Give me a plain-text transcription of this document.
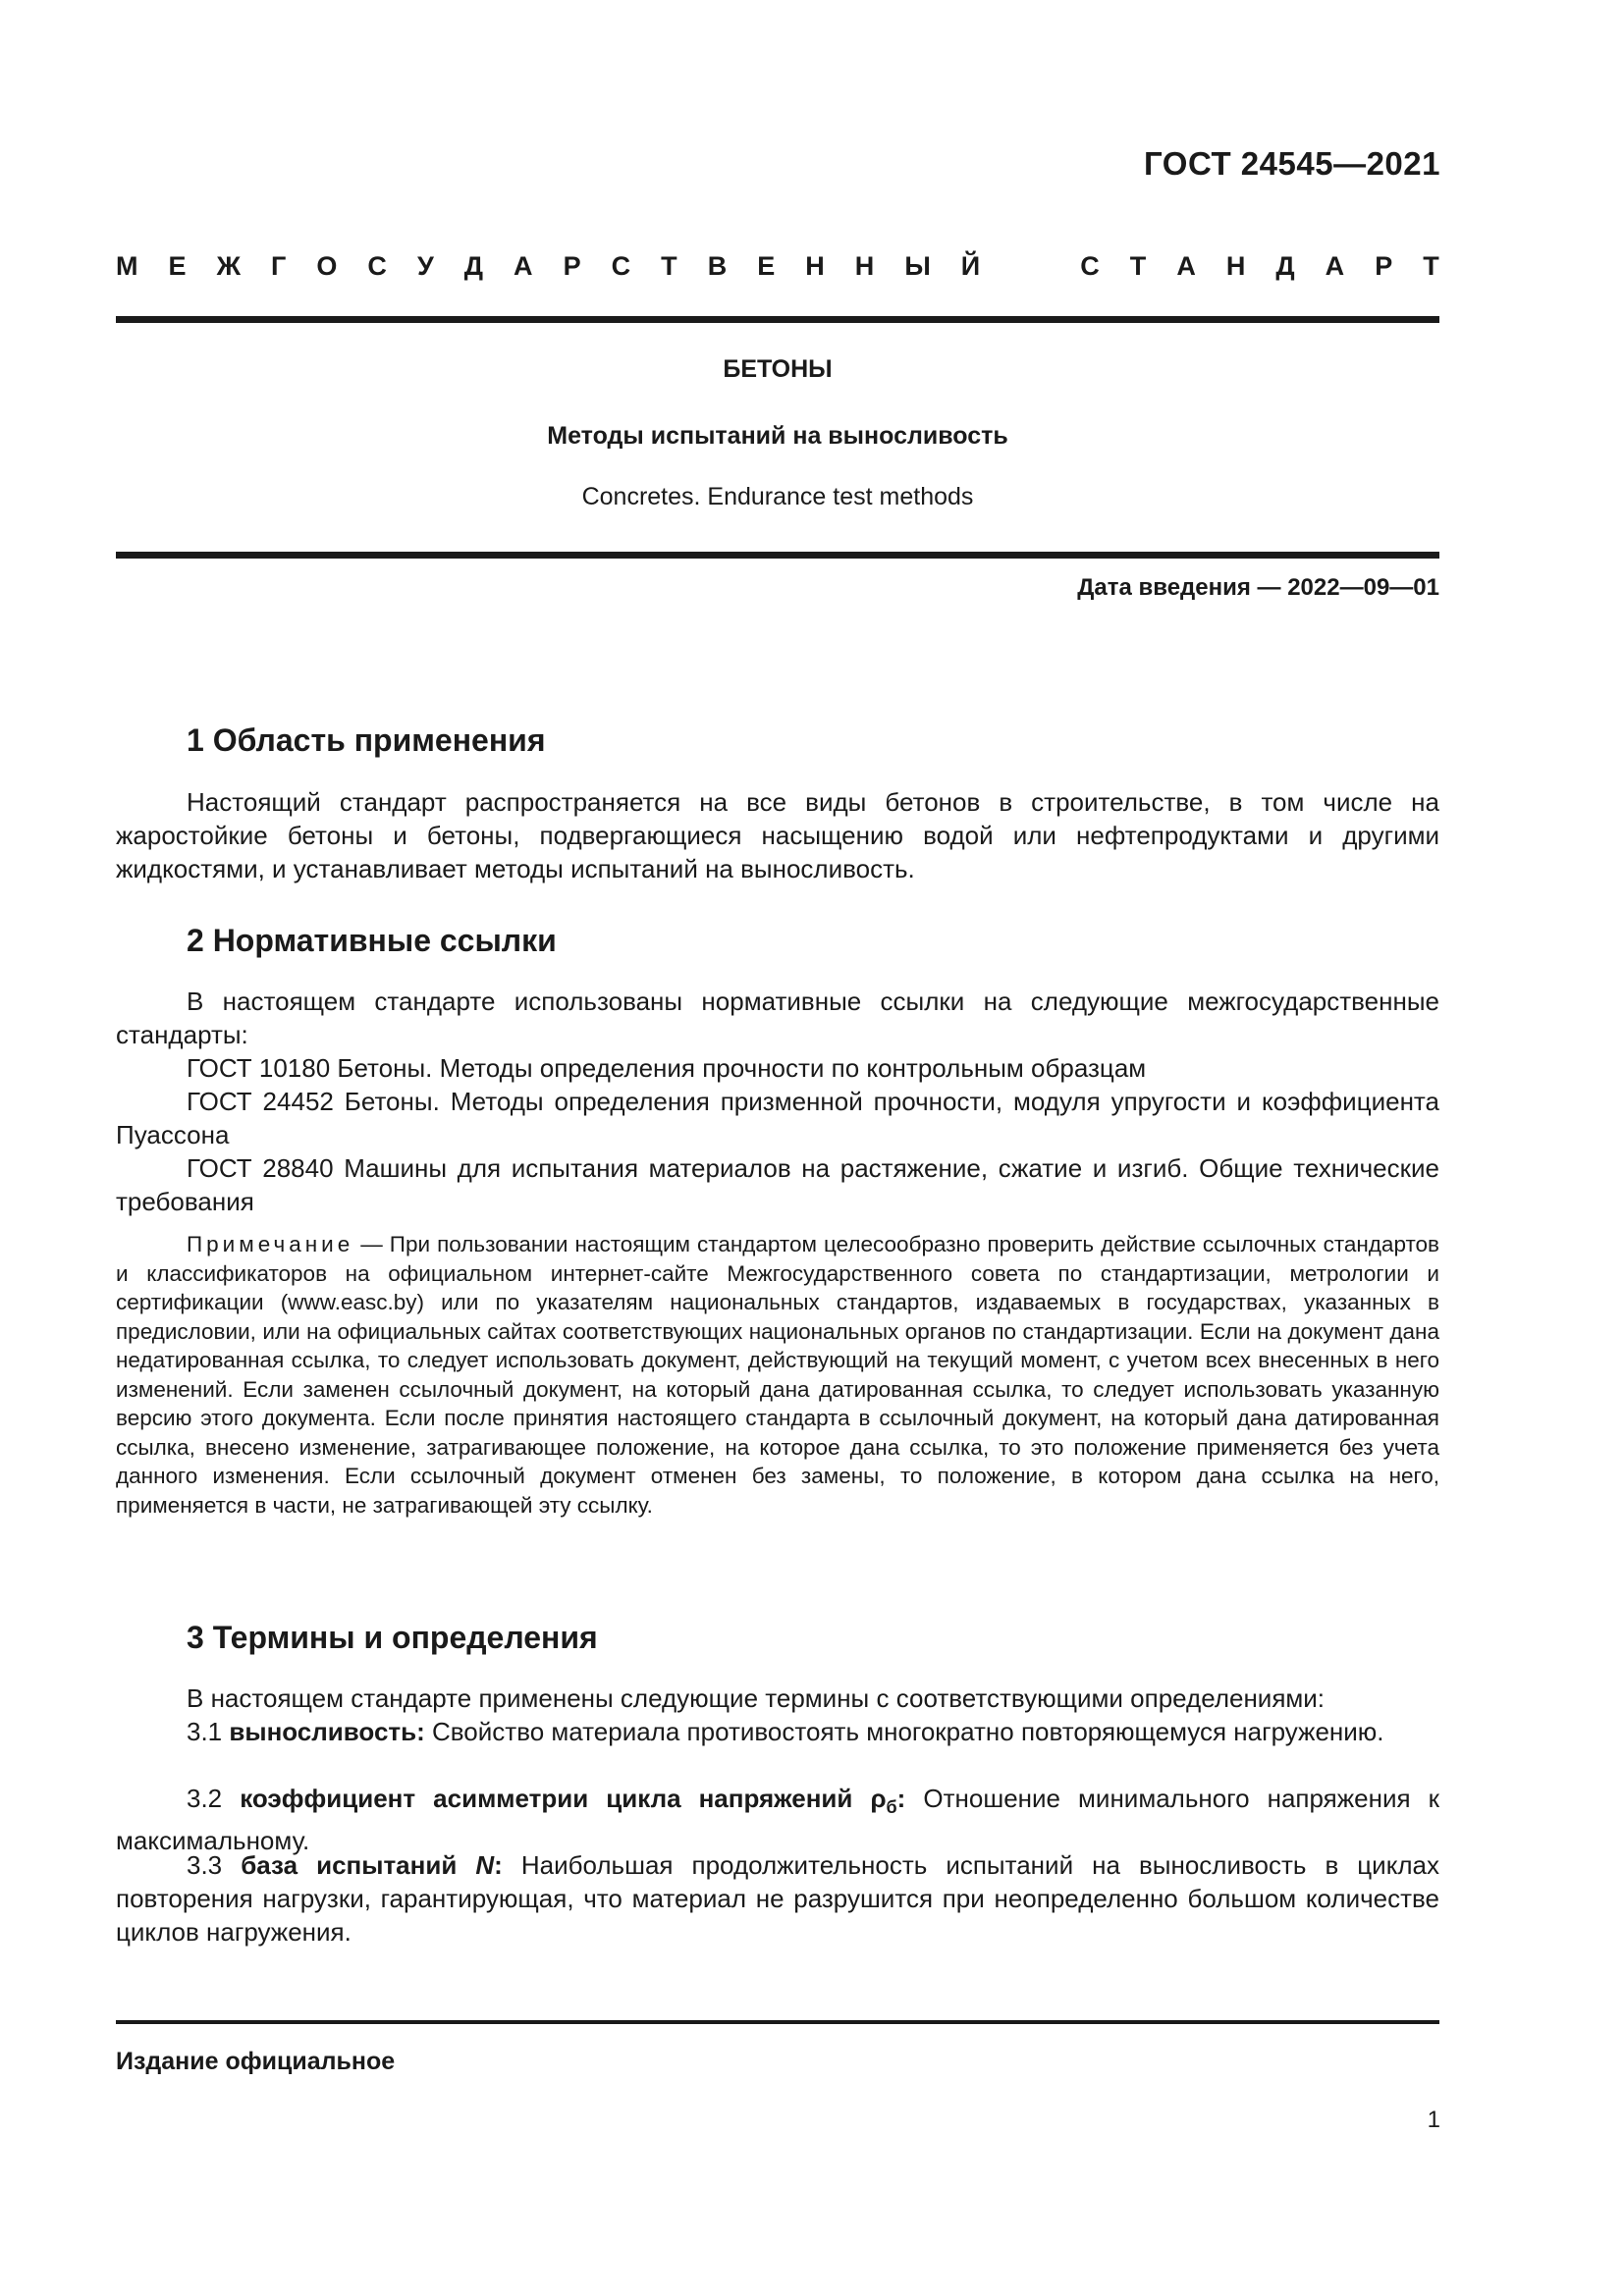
ГОСТ 24545—2021
М Е Ж Г О С У Д А Р С Т В Е Н Н Ы Й	С Т А Н Д А Р Т
БЕТОНЫ
Методы испытаний на выносливость
Concretes. Endurance test methods
Дата введения — 2022—09—01
1 Область применения

Настоящий стандарт распространяется на все виды бетонов в строительстве, в том числе на жаростойкие бетоны и бетоны, подвергающиеся насыщению водой или нефтепродуктами и другими жидкостями, и устанавливает методы испытаний на выносливость.

2 Нормативные ссылки

В настоящем стандарте использованы нормативные ссылки на следующие межгосударственные стандарты:

ГОСТ 10180 Бетоны. Методы определения прочности по контрольным образцам

ГОСТ 24452 Бетоны. Методы определения призменной прочности, модуля упругости и коэффициента Пуассона

ГОСТ 28840 Машины для испытания материалов на растяжение, сжатие и изгиб. Общие технические требования

Примечание — При пользовании настоящим стандартом целесообразно проверить действие ссылочных стандартов и классификаторов на официальном интернет-сайте Межгосударственного совета по стандартизации, метрологии и сертификации (www.easc.by) или по указателям национальных стандартов, издаваемых в государствах, указанных в предисловии, или на официальных сайтах соответствующих национальных органов по стандартизации. Если на документ дана недатированная ссылка, то следует использовать документ, действующий на текущий момент, с учетом всех внесенных в него изменений. Если заменен ссылочный документ, на который дана датированная ссылка, то следует использовать указанную версию этого документа. Если после принятия настоящего стандарта в ссылочный документ, на который дана датированная ссылка, внесено изменение, затрагивающее положение, на которое дана ссылка, то это положение применяется без учета данного изменения. Если ссылочный документ отменен без замены, то положение, в котором дана ссылка на него, применяется в части, не затрагивающей эту ссылку.

3 Термины и определения

В настоящем стандарте применены следующие термины с соответствующими определениями:

3.1 выносливость: Свойство материала противостоять многократно повторяющемуся нагружению.

3.2 коэффициент асимметрии цикла напряжений $\rho_б$: Отношение минимального напряжения к максимальному.

3.3 база испытаний N: Наибольшая продолжительность испытаний на выносливость в циклах повторения нагрузки, гарантирующая, что материал не разрушится при неопределенно большом количестве циклов нагружения.

Издание официальное
1
